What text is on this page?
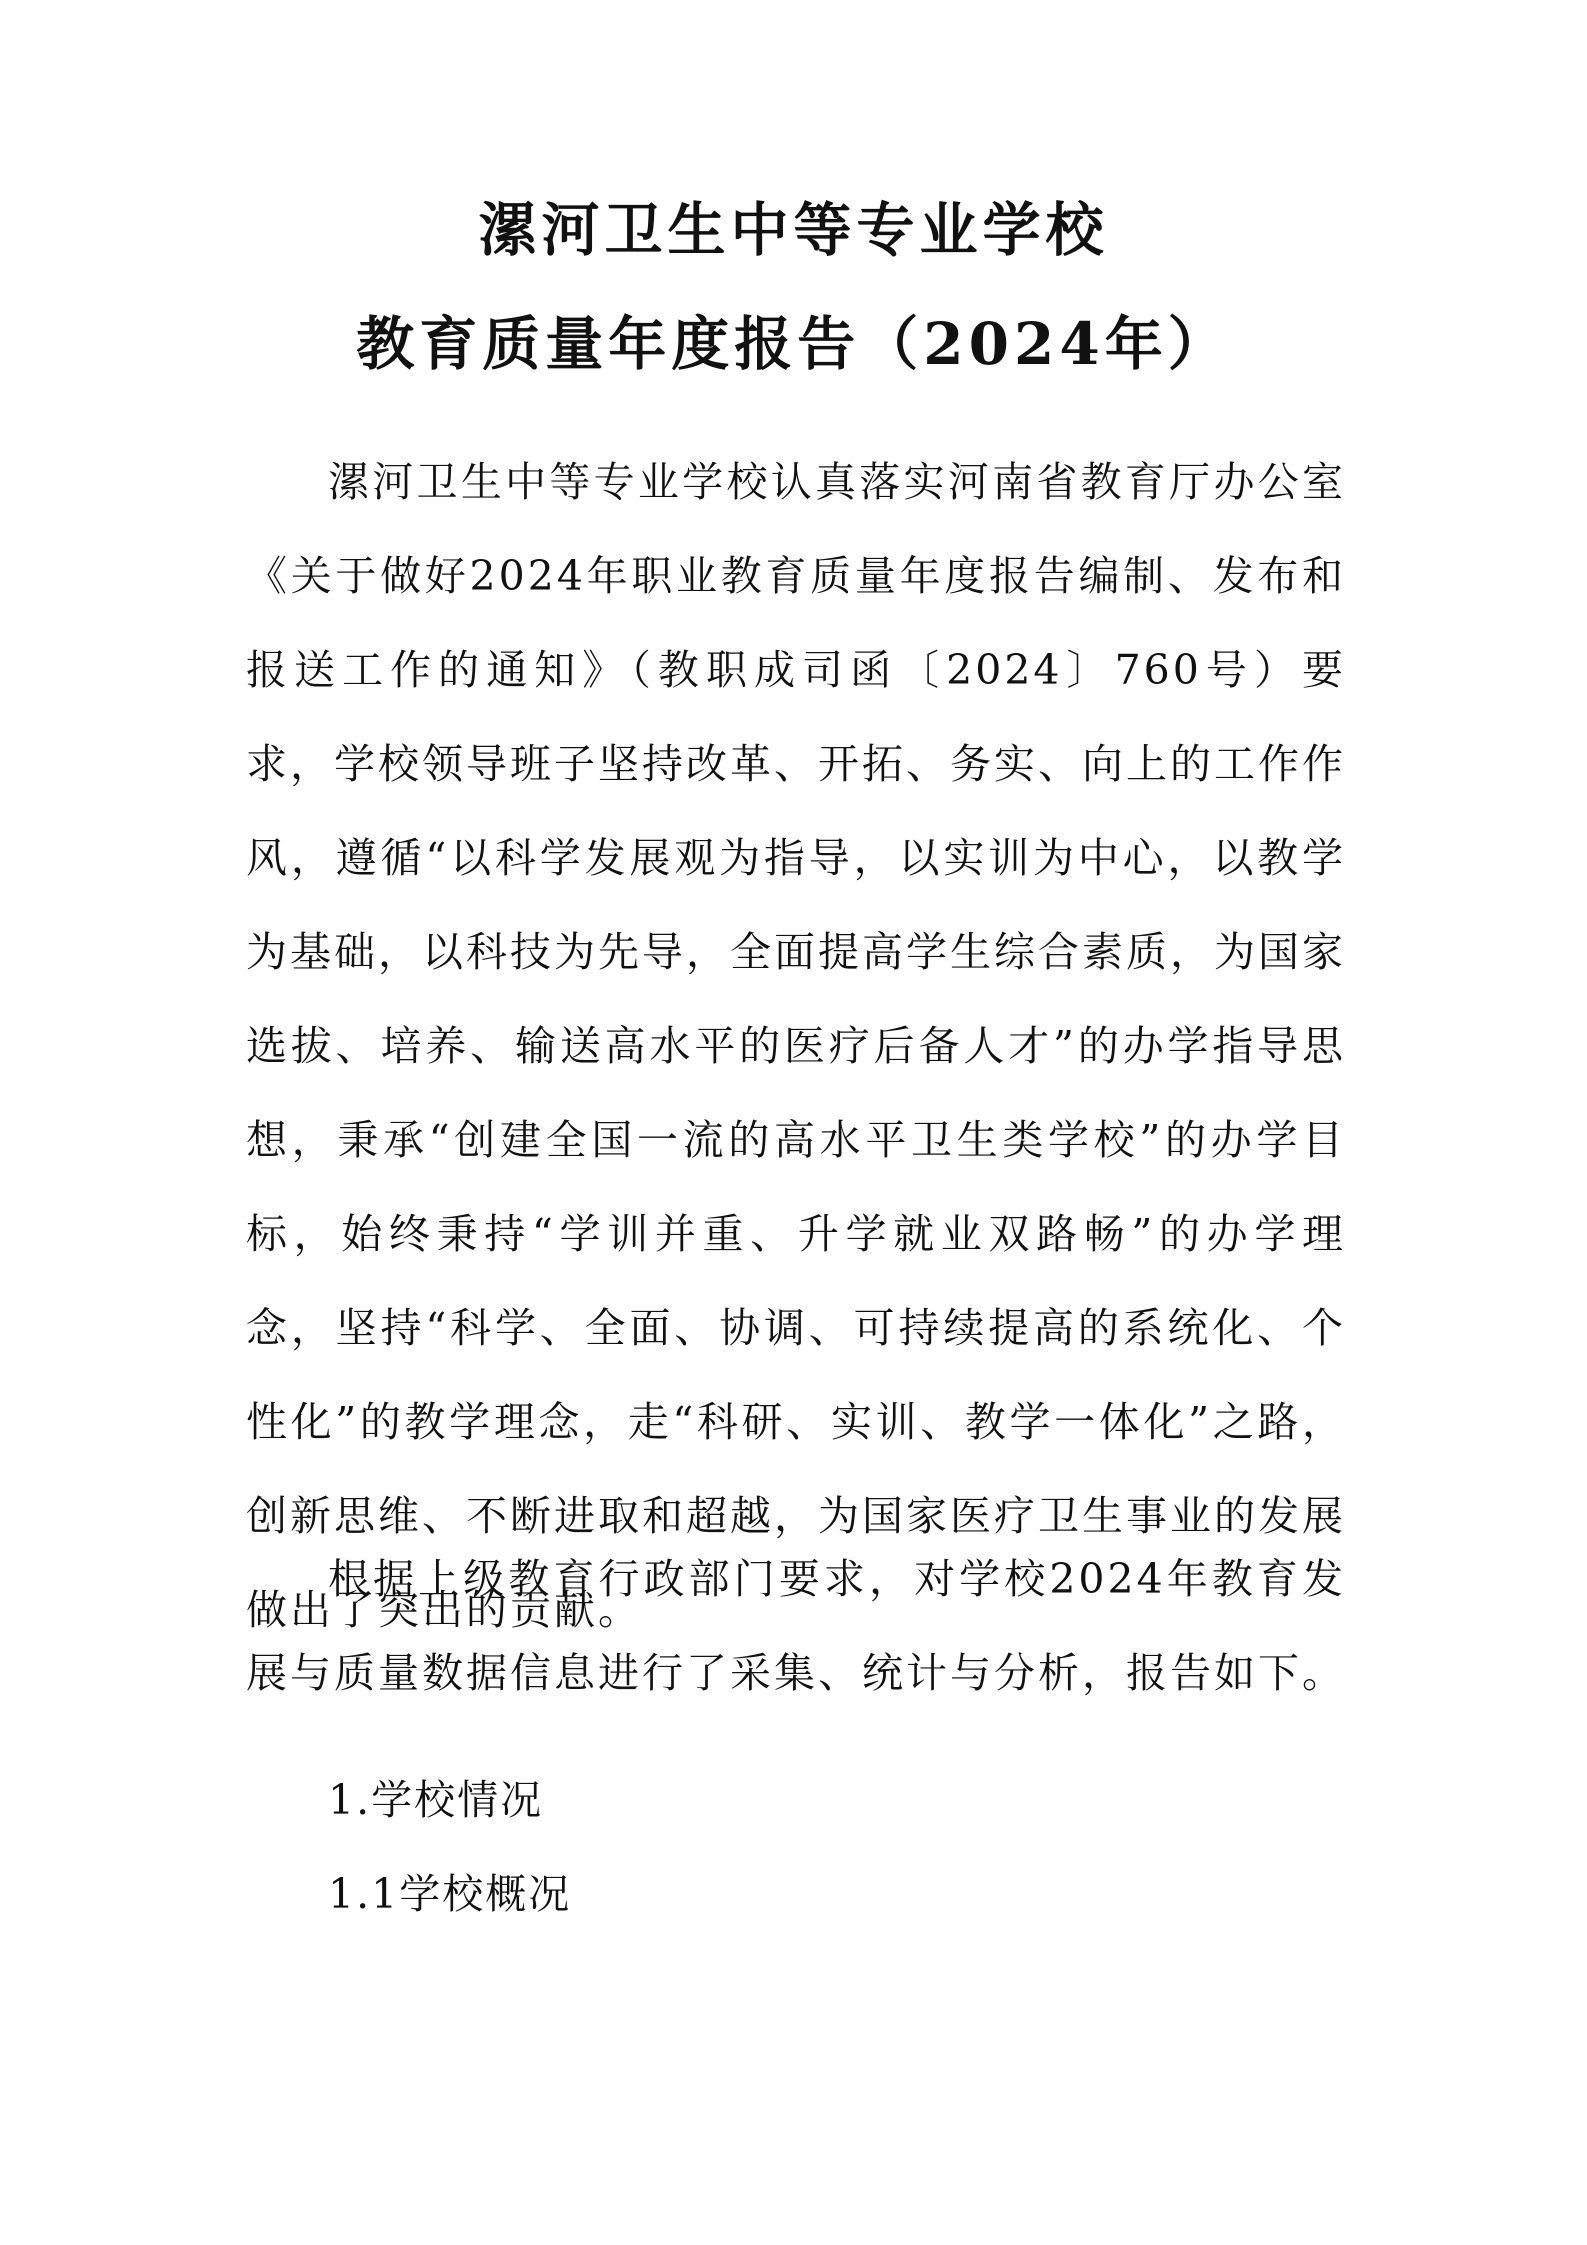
漯河卫生中等专业学校
教育质量年度报告（2024年）

漯河卫生中等专业学校认真落实河南省教育厅办公室《关于做好2024年职业教育质量年度报告编制、发布和报送工作的通知》（教职成司函〔2024〕760号）要求，学校领导班子坚持改革、开拓、务实、向上的工作作风，遵循“以科学发展观为指导，以实训为中心，以教学为基础，以科技为先导，全面提高学生综合素质，为国家选拔、培养、输送高水平的医疗后备人才”的办学指导思想，秉承“创建全国一流的高水平卫生类学校”的办学目标，始终秉持“学训并重、升学就业双路畅”的办学理念，坚持“科学、全面、协调、可持续提高的系统化、个性化”的教学理念，走“科研、实训、教学一体化”之路，创新思维、不断进取和超越，为国家医疗卫生事业的发展做出了突出的贡献。

根据上级教育行政部门要求，对学校2024年教育发展与质量数据信息进行了采集、统计与分析，报告如下。

1.学校情况
1.1学校概况
